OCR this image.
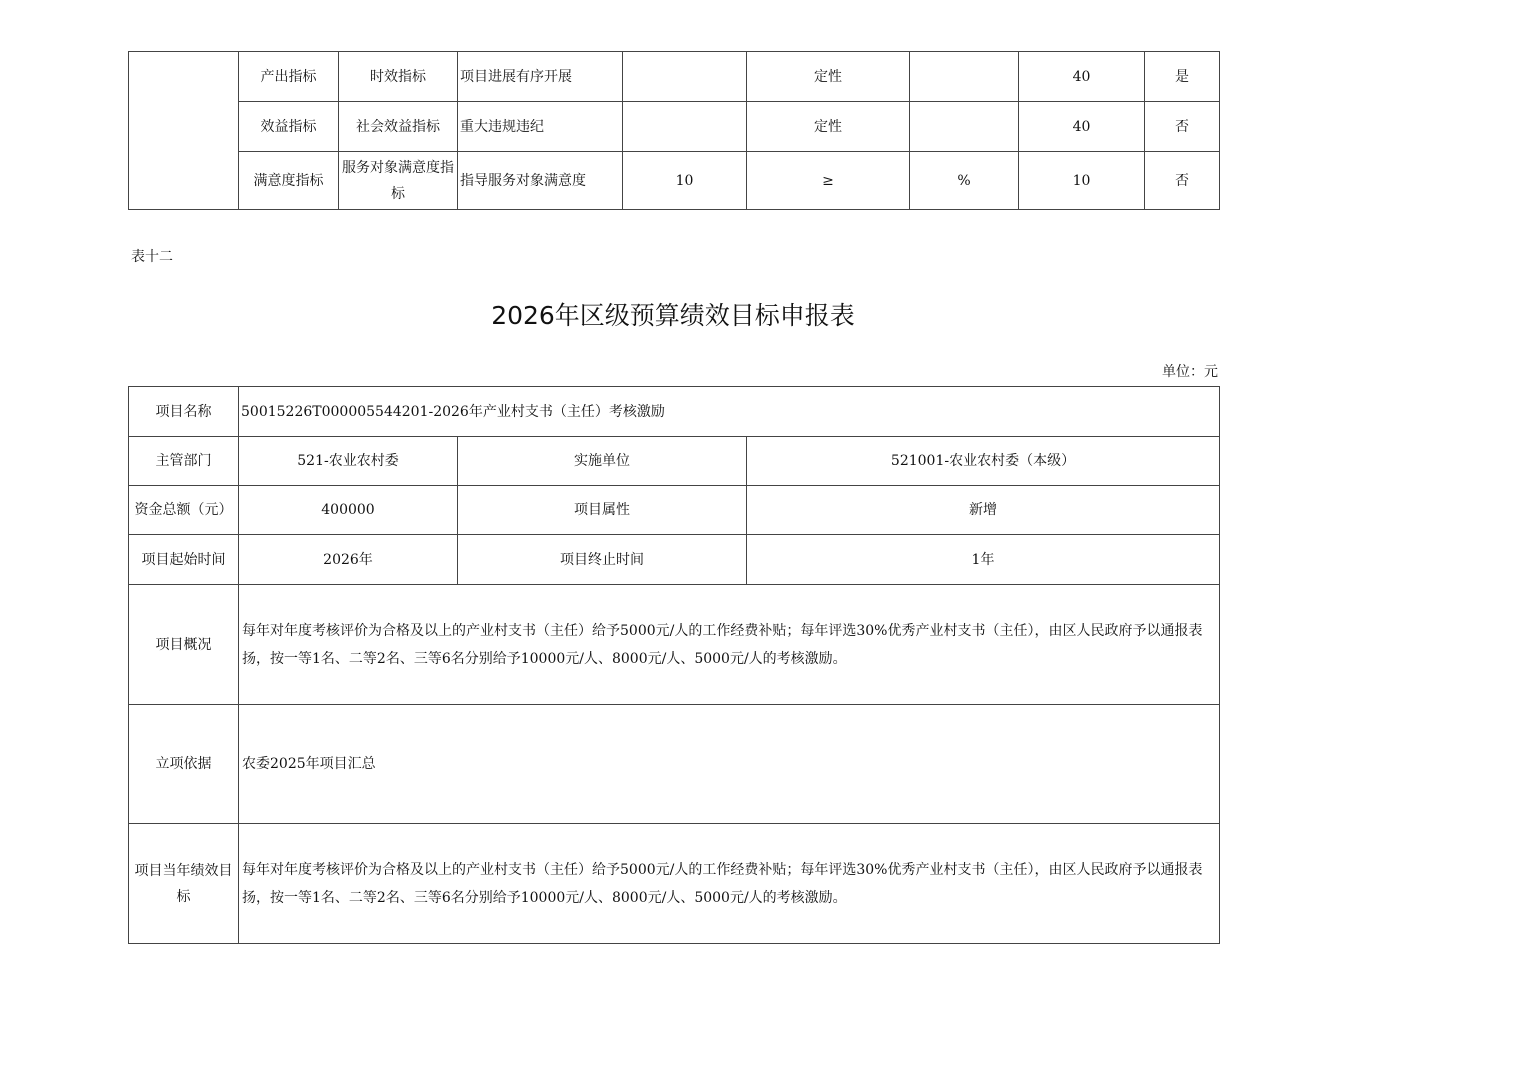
	产出指标	时效指标	项目进展有序开展		定性		40	是
	效益指标	社会效益指标	重大违规违纪		定性		40	否
	满意度指标	服务对象满意度指标	指导服务对象满意度	10	≥	%	10	否
表十二
2026年区级预算绩效目标申报表
单位：元
项目名称	50015226T000005544201-2026年产业村支书（主任）考核激励		
主管部门	521-农业农村委	实施单位	521001-农业农村委（本级）
资金总额（元）	400000	项目属性	新增
项目起始时间	2026年	项目终止时间	1年
项目概况	每年对年度考核评价为合格及以上的产业村支书（主任）给予5000元/人的工作经费补贴；每年评选30%优秀产业村支书（主任），由区人民政府予以通报表扬，按一等1名、二等2名、三等6名分别给予10000元/人、8000元/人、5000元/人的考核激励。		
立项依据	农委2025年项目汇总		
项目当年绩效目标	每年对年度考核评价为合格及以上的产业村支书（主任）给予5000元/人的工作经费补贴；每年评选30%优秀产业村支书（主任），由区人民政府予以通报表扬，按一等1名、二等2名、三等6名分别给予10000元/人、8000元/人、5000元/人的考核激励。		
